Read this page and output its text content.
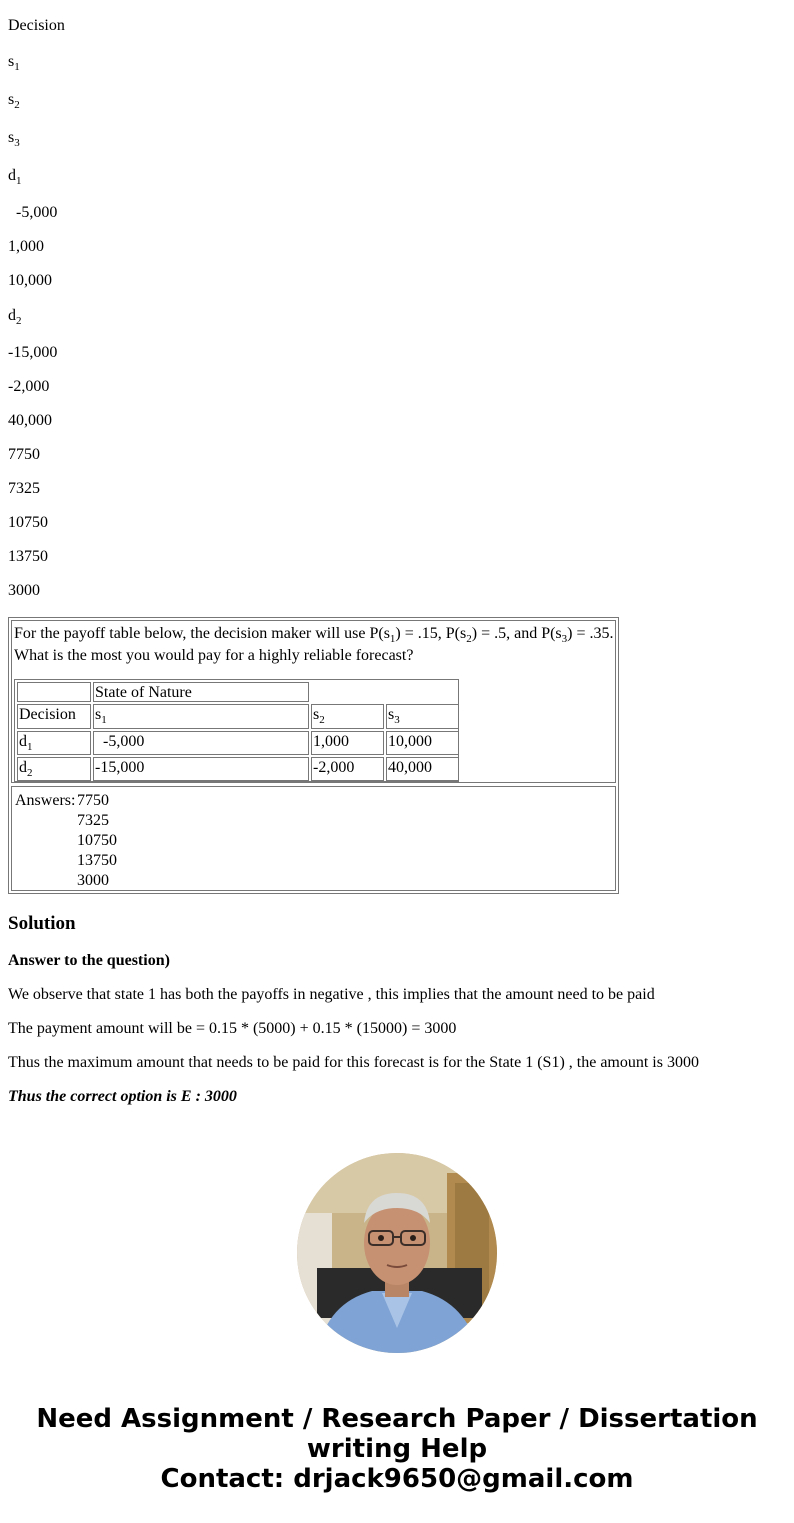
Decision
$s_1$
$s_2$
$s_3$
$d_1$
-5,000
1,000
10,000
$d_2$
-15,000
-2,000
40,000
7750
7325
10750
13750
3000
For the payoff table below, the decision maker will use $P(s_1) = .15$, $P(s_2) = .5$, and $P(s_3) = .35$.
What is the most you would pay for a highly reliable forecast?
State of Nature
Decision	$s_1$	$s_2$	$s_3$
$d_1$	-5,000	1,000	10,000
$d_2$	-15,000	-2,000	40,000
Answers: 7750
7325
10750
13750
3000
Solution
Answer to the question)
We observe that state 1 has both the payoffs in negative , this implies that the amount need to be paid
The payment amount will be = 0.15 * (5000) + 0.15 * (15000) = 3000
Thus the maximum amount that needs to be paid for this forecast is for the State 1 (S1) , the amount is 3000
Thus the correct option is E : 3000
Need Assignment / Research Paper / Dissertation
writing Help
Contact: drjack9650@gmail.com
